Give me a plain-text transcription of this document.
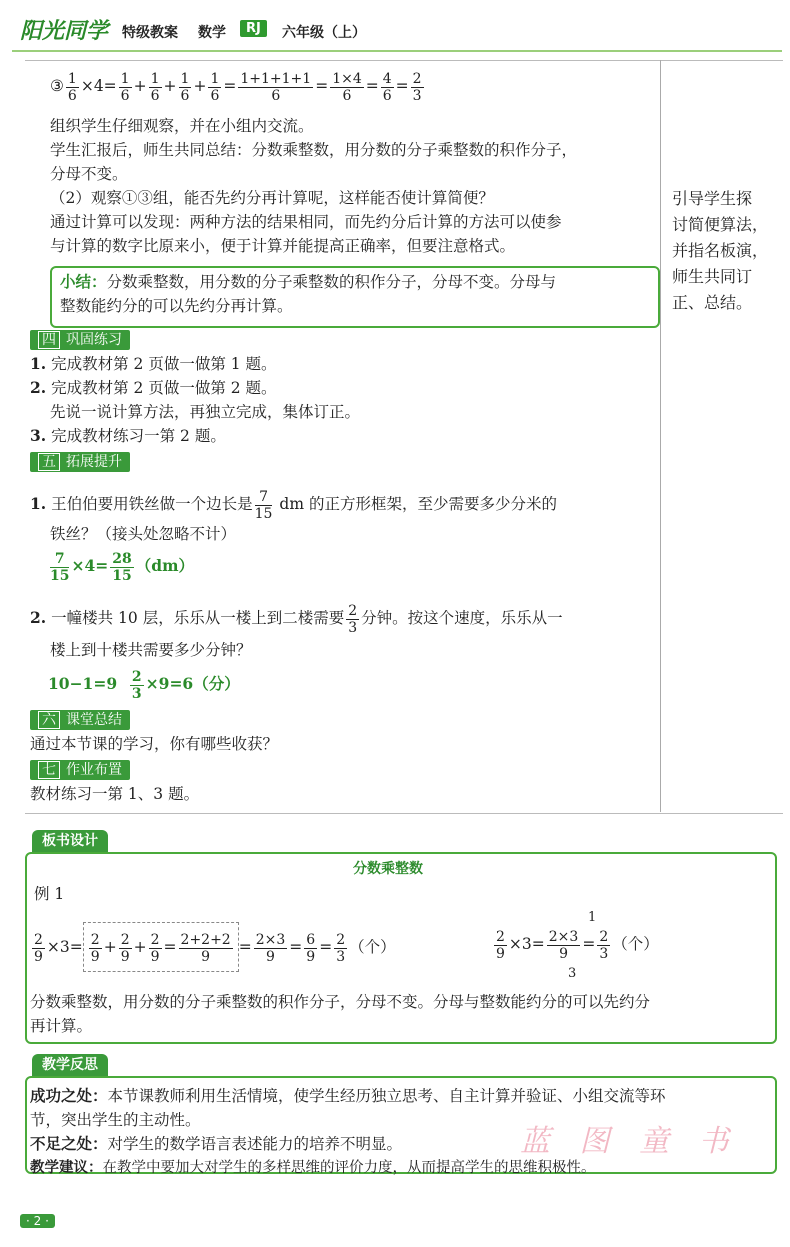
阳光同学 特级教案 数学	RJ	六年级（上）
③ $\frac{1}{6} \times 4= \frac{1}{6} + \frac{1}{6} + \frac{1}{6} + \frac{1}{6} = \frac{1+1+1+1}{6} = \frac{1\times 4}{6} = \frac{4}{6} = \frac{2}{3}$
组织学生仔细观察，并在小组内交流。
学生汇报后，师生共同总结：分数乘整数，用分数的分子乘整数的积作分子，
分母不变。
（2）观察①③组，能否先约分再计算呢，这样能否使计算简便？
通过计算可以发现：两种方法的结果相同，而先约分后计算的方法可以使参
与计算的数字比原来小，便于计算并能提高正确率，但要注意格式。
小结：分数乘整数，用分数的分子乘整数的积作分子，分母不变。分母与
整数能约分的可以先约分再计算。
引导学生探
讨简便算法，
并指名板演，
师生共同订
正、总结。
四 巩固练习
1. 完成教材第 2 页做一做第 1 题。
2. 完成教材第 2 页做一做第 2 题。
先说一说计算方法，再独立完成，集体订正。
3. 完成教材练习一第 2 题。
五 拓展提升
1. 王伯伯要用铁丝做一个边长是 $\frac{7}{15}$ dm 的正方形框架，至少需要多少分米的
铁丝？（接头处忽略不计）
$\frac{7}{15} \times 4= \frac{28}{15} (dm)$
2. 一幢楼共 10 层，乐乐从一楼上到二楼需要 $\frac{2}{3}$ 分钟。按这个速度，乐乐从一
楼上到十楼共需要多少分钟？
$10-1=9 \frac{2}{3} \times 9=6$（分）
六 课堂总结
通过本节课的学习，你有哪些收获？
七 作业布置
教材练习一第 1、3 题。
板书设计
分数乘整数
例 1
$\frac{2}{9} \times 3= \frac{2}{9} + \frac{2}{9} + \frac{2}{9} = \frac{2+2+2}{9} = \frac{2\times 3}{9} = \frac{6}{9} = \frac{2}{3}$ （个）
1
3
$\frac{2}{9} \times 3= \frac{2\times 3}{9} = \frac{2}{3}$ （个）
分数乘整数，用分数的分子乘整数的积作分子，分母不变。分母与整数能约分的可以先约分
再计算。
教学反思
蓝 图 童 书
成功之处：本节课教师利用生活情境，使学生经历独立思考、自主计算并验证、小组交流等环
节，突出学生的主动性。
不足之处：对学生的数学语言表述能力的培养不明显。
教学建议：在教学中要加大对学生的多样思维的评价力度，从而提高学生的思维积极性。
· 2 ·
